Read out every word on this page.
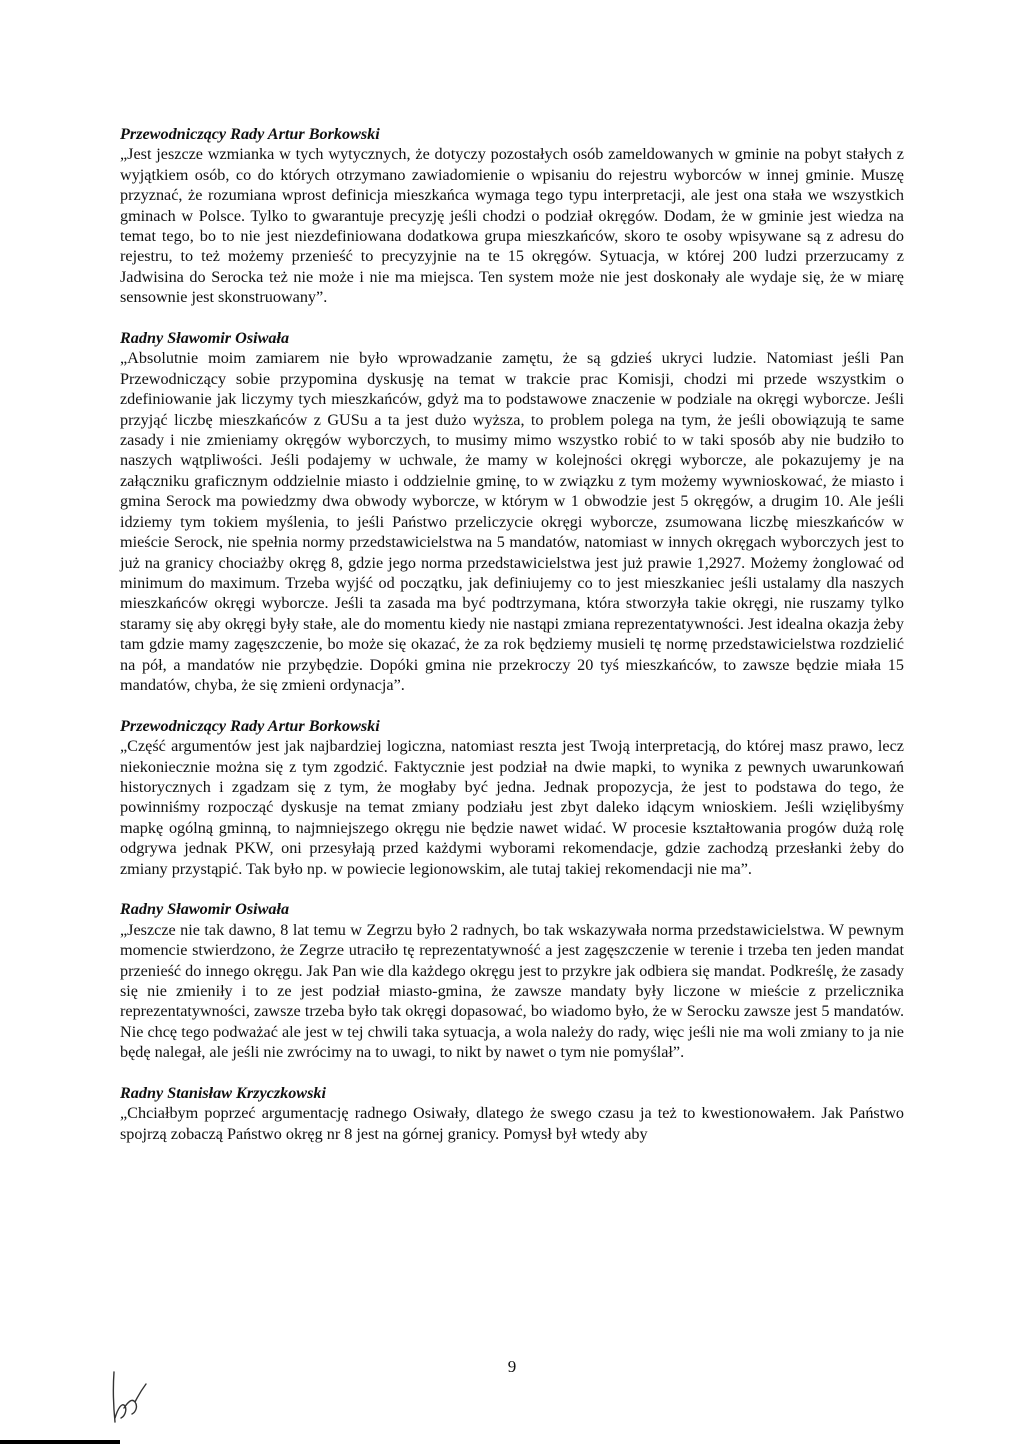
Przewodniczący Rady Artur Borkowski
„Jest jeszcze wzmianka w tych wytycznych, że dotyczy pozostałych osób zameldowanych w gminie na pobyt stałych z wyjątkiem osób, co do których otrzymano zawiadomienie o wpisaniu do rejestru wyborców w innej gminie. Muszę przyznać, że rozumiana wprost definicja mieszkańca wymaga tego typu interpretacji, ale jest ona stała we wszystkich gminach w Polsce. Tylko to gwarantuje precyzję jeśli chodzi o podział okręgów. Dodam, że w gminie jest wiedza na temat tego, bo to nie jest niezdefiniowana dodatkowa grupa mieszkańców, skoro te osoby wpisywane są z adresu do rejestru, to też możemy przenieść to precyzyjnie na te 15 okręgów. Sytuacja, w której 200 ludzi przerzucamy z Jadwisina do Serocka też nie może i nie ma miejsca. Ten system może nie jest doskonały ale wydaje się, że w miarę sensownie jest skonstruowany”.
Radny Sławomir Osiwała
„Absolutnie moim zamiarem nie było wprowadzanie zamętu, że są gdzieś ukryci ludzie. Natomiast jeśli Pan Przewodniczący sobie przypomina dyskusję na temat w trakcie prac Komisji, chodzi mi przede wszystkim o zdefiniowanie jak liczymy tych mieszkańców, gdyż ma to podstawowe znaczenie w podziale na okręgi wyborcze. Jeśli przyjąć liczbę mieszkańców z GUSu a ta jest dużo wyższa, to problem polega na tym, że jeśli obowiązują te same zasady i nie zmieniamy okręgów wyborczych, to musimy mimo wszystko robić to w taki sposób aby nie budziło to naszych wątpliwości. Jeśli podajemy w uchwale, że mamy w kolejności okręgi wyborcze, ale pokazujemy je na załączniku graficznym oddzielnie miasto i oddzielnie gminę, to w związku z tym możemy wywnioskować, że miasto i gmina Serock ma powiedzmy dwa obwody wyborcze, w którym w 1 obwodzie jest 5 okręgów, a drugim 10. Ale jeśli idziemy tym tokiem myślenia, to jeśli Państwo przeliczycie okręgi wyborcze, zsumowana liczbę mieszkańców w mieście Serock, nie spełnia normy przedstawicielstwa na 5 mandatów, natomiast w innych okręgach wyborczych jest to już na granicy chociażby okręg 8, gdzie jego norma przedstawicielstwa jest już prawie 1,2927. Możemy żonglować od minimum do maximum. Trzeba wyjść od początku, jak definiujemy co to jest mieszkaniec jeśli ustalamy dla naszych mieszkańców okręgi wyborcze. Jeśli ta zasada ma być podtrzymana, która stworzyła takie okręgi, nie ruszamy tylko staramy się aby okręgi były stałe, ale do momentu kiedy nie nastąpi zmiana reprezentatywności. Jest idealna okazja żeby tam gdzie mamy zagęszczenie, bo może się okazać, że za rok będziemy musieli tę normę przedstawicielstwa rozdzielić na pół, a mandatów nie przybędzie. Dopóki gmina nie przekroczy 20 tyś mieszkańców, to zawsze będzie miała 15 mandatów, chyba, że się zmieni ordynacja”.
Przewodniczący Rady Artur Borkowski
„Część argumentów jest jak najbardziej logiczna, natomiast reszta jest Twoją interpretacją, do której masz prawo, lecz niekoniecznie można się z tym zgodzić. Faktycznie jest podział na dwie mapki, to wynika z pewnych uwarunkowań historycznych i zgadzam się z tym, że mogłaby być jedna. Jednak propozycja, że jest to podstawa do tego, że powinniśmy rozpocząć dyskusje na temat zmiany podziału jest zbyt daleko idącym wnioskiem. Jeśli wzięlibyśmy mapkę ogólną gminną, to najmniejszego okręgu nie będzie nawet widać. W procesie kształtowania progów dużą rolę odgrywa jednak PKW, oni przesyłają przed każdymi wyborami rekomendacje, gdzie zachodzą przesłanki żeby do zmiany przystąpić. Tak było np. w powiecie legionowskim, ale tutaj takiej rekomendacji nie ma”.
Radny Sławomir Osiwała
„Jeszcze nie tak dawno, 8 lat temu w Zegrzu było 2 radnych, bo tak wskazywała norma przedstawicielstwa. W pewnym momencie stwierdzono, że Zegrze utraciło tę reprezentatywność a jest zagęszczenie w terenie i trzeba ten jeden mandat przenieść do innego okręgu. Jak Pan wie dla każdego okręgu jest to przykre jak odbiera się mandat. Podkreślę, że zasady się nie zmieniły i to ze jest podział miasto-gmina, że zawsze mandaty były liczone w mieście z przelicznika reprezentatywności, zawsze trzeba było tak okręgi dopasować, bo wiadomo było, że w Serocku zawsze jest 5 mandatów. Nie chcę tego podważać ale jest w tej chwili taka sytuacja, a wola należy do rady, więc jeśli nie ma woli zmiany to ja nie będę nalegał, ale jeśli nie zwrócimy na to uwagi, to nikt by nawet o tym nie pomyślał”.
Radny Stanisław Krzyczkowski
„Chciałbym poprzeć argumentację radnego Osiwały, dlatego że swego czasu ja też to kwestionowałem. Jak Państwo spojrzą zobaczą Państwo okręg nr 8 jest na górnej granicy. Pomysł był wtedy aby
9
